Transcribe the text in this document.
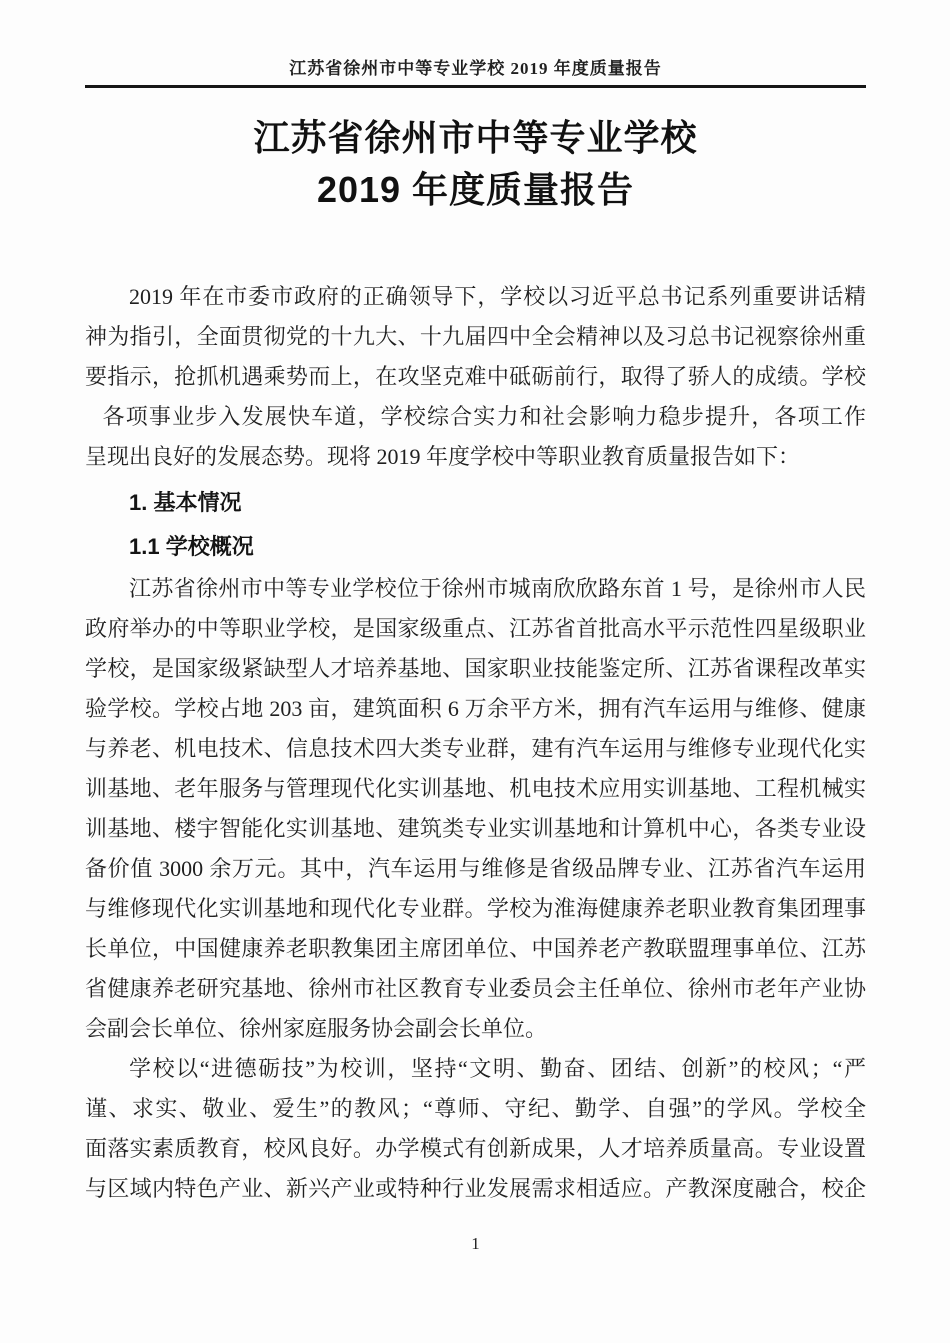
江苏省徐州市中等专业学校 2019 年度质量报告
江苏省徐州市中等专业学校
2019 年度质量报告
2019 年在市委市政府的正确领导下，学校以习近平总书记系列重要讲话精
神为指引，全面贯彻党的十九大、十九届四中全会精神以及习总书记视察徐州重
要指示，抢抓机遇乘势而上，在攻坚克难中砥砺前行，取得了骄人的成绩。学校
各项事业步入发展快车道，学校综合实力和社会影响力稳步提升，各项工作
呈现出良好的发展态势。现将 2019 年度学校中等职业教育质量报告如下：
1. 基本情况
1.1 学校概况
江苏省徐州市中等专业学校位于徐州市城南欣欣路东首 1 号，是徐州市人民
政府举办的中等职业学校，是国家级重点、江苏省首批高水平示范性四星级职业
学校，是国家级紧缺型人才培养基地、国家职业技能鉴定所、江苏省课程改革实
验学校。学校占地 203 亩，建筑面积 6 万余平方米，拥有汽车运用与维修、健康
与养老、机电技术、信息技术四大类专业群，建有汽车运用与维修专业现代化实
训基地、老年服务与管理现代化实训基地、机电技术应用实训基地、工程机械实
训基地、楼宇智能化实训基地、建筑类专业实训基地和计算机中心，各类专业设
备价值 3000 余万元。其中，汽车运用与维修是省级品牌专业、江苏省汽车运用
与维修现代化实训基地和现代化专业群。学校为淮海健康养老职业教育集团理事
长单位，中国健康养老职教集团主席团单位、中国养老产教联盟理事单位、江苏
省健康养老研究基地、徐州市社区教育专业委员会主任单位、徐州市老年产业协
会副会长单位、徐州家庭服务协会副会长单位。
学校以“进德砺技”为校训，坚持“文明、勤奋、团结、创新”的校风；“严
谨、求实、敬业、爱生”的教风；“尊师、守纪、勤学、自强”的学风。学校全
面落实素质教育，校风良好。办学模式有创新成果，人才培养质量高。专业设置
与区域内特色产业、新兴产业或特种行业发展需求相适应。产教深度融合，校企
1
